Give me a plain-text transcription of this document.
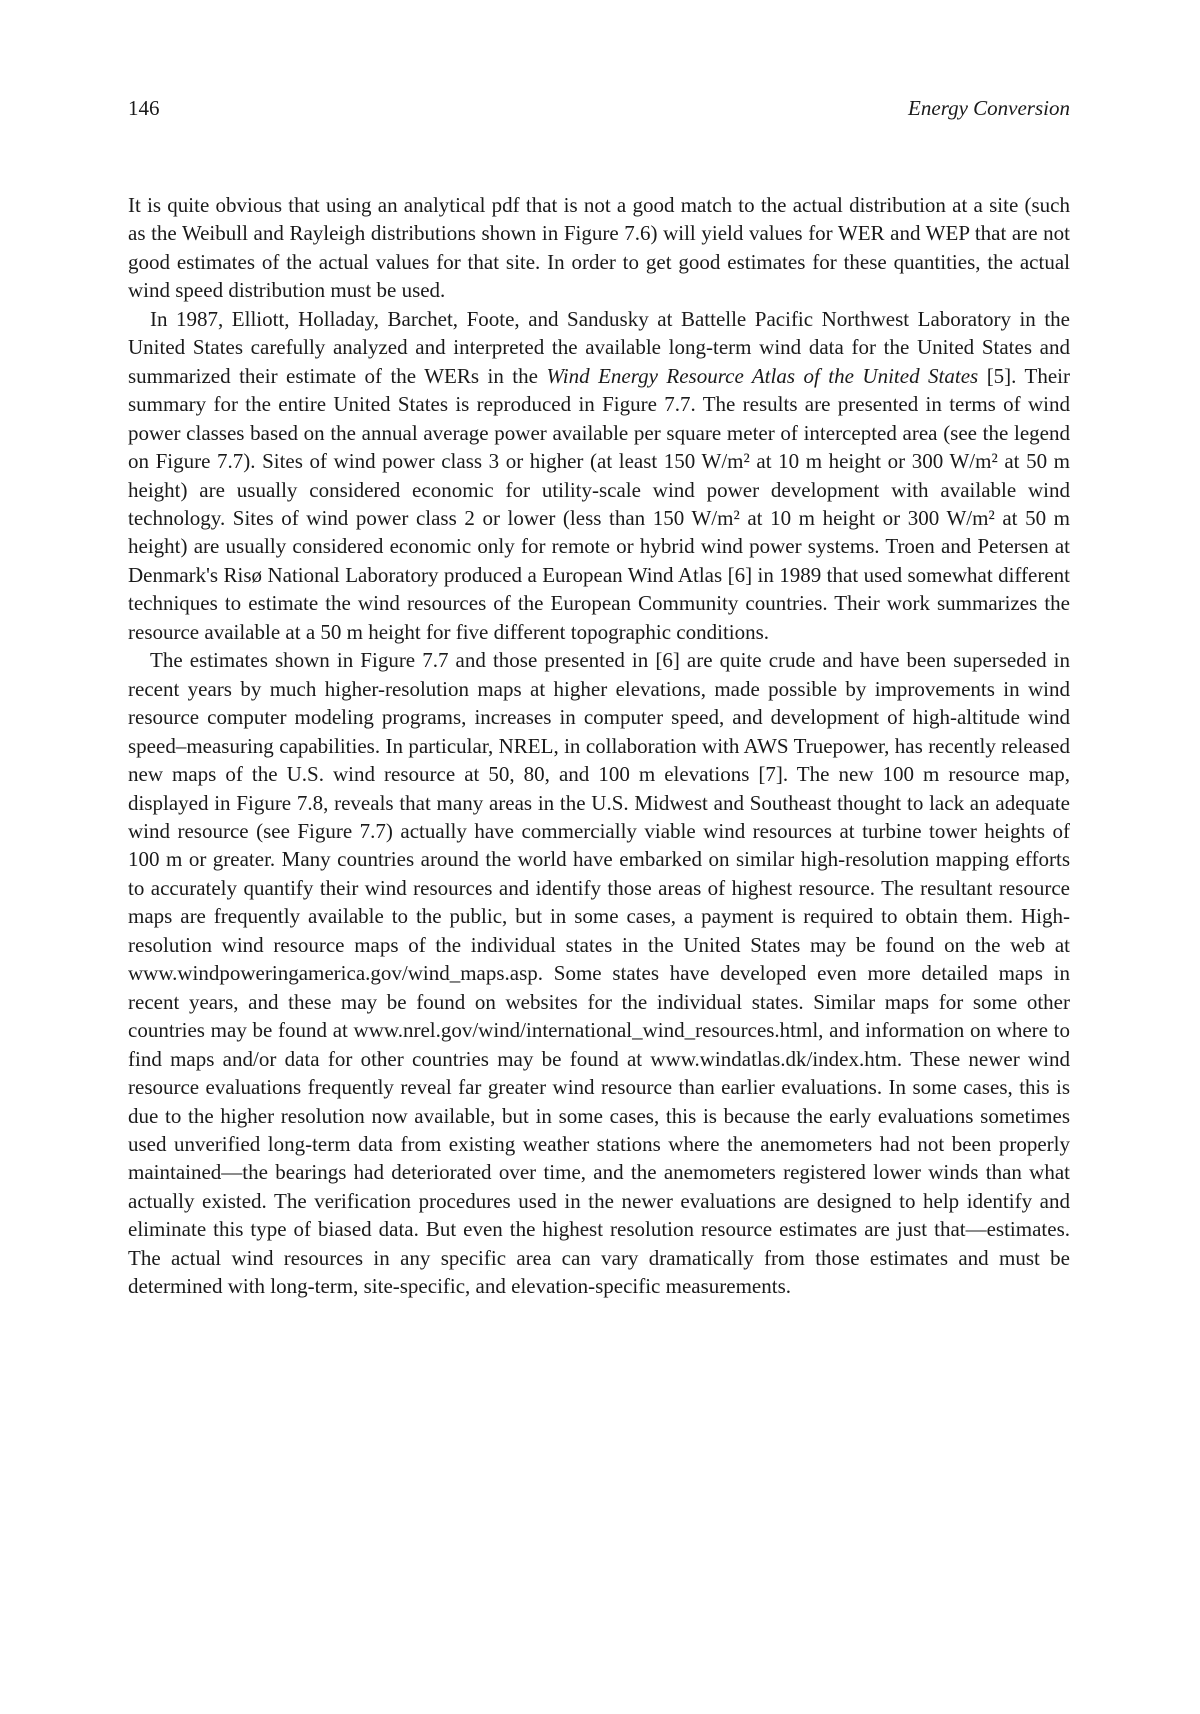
146	Energy Conversion

It is quite obvious that using an analytical pdf that is not a good match to the actual distribution at a site (such as the Weibull and Rayleigh distributions shown in Figure 7.6) will yield values for WER and WEP that are not good estimates of the actual values for that site. In order to get good estimates for these quantities, the actual wind speed distribution must be used.

In 1987, Elliott, Holladay, Barchet, Foote, and Sandusky at Battelle Pacific Northwest Laboratory in the United States carefully analyzed and interpreted the available long-term wind data for the United States and summarized their estimate of the WERs in the Wind Energy Resource Atlas of the United States [5]. Their summary for the entire United States is reproduced in Figure 7.7. The results are presented in terms of wind power classes based on the annual average power available per square meter of intercepted area (see the legend on Figure 7.7). Sites of wind power class 3 or higher (at least 150 W/m² at 10 m height or 300 W/m² at 50 m height) are usually considered economic for utility-scale wind power development with available wind technology. Sites of wind power class 2 or lower (less than 150 W/m² at 10 m height or 300 W/m² at 50 m height) are usually considered economic only for remote or hybrid wind power systems. Troen and Petersen at Denmark's Risø National Laboratory produced a European Wind Atlas [6] in 1989 that used somewhat different techniques to estimate the wind resources of the European Community countries. Their work summarizes the resource available at a 50 m height for five different topographic conditions.

The estimates shown in Figure 7.7 and those presented in [6] are quite crude and have been superseded in recent years by much higher-resolution maps at higher elevations, made possible by improvements in wind resource computer modeling programs, increases in computer speed, and development of high-altitude wind speed–measuring capabilities. In particular, NREL, in collaboration with AWS Truepower, has recently released new maps of the U.S. wind resource at 50, 80, and 100 m elevations [7]. The new 100 m resource map, displayed in Figure 7.8, reveals that many areas in the U.S. Midwest and Southeast thought to lack an adequate wind resource (see Figure 7.7) actually have commercially viable wind resources at turbine tower heights of 100 m or greater. Many countries around the world have embarked on similar high-resolution mapping efforts to accurately quantify their wind resources and identify those areas of highest resource. The resultant resource maps are frequently available to the public, but in some cases, a payment is required to obtain them. High-resolution wind resource maps of the individual states in the United States may be found on the web at www.windpoweringamerica.gov/wind_maps.asp. Some states have developed even more detailed maps in recent years, and these may be found on websites for the individual states. Similar maps for some other countries may be found at www.nrel.gov/wind/international_wind_resources.html, and information on where to find maps and/or data for other countries may be found at www.windatlas.dk/index.htm. These newer wind resource evaluations frequently reveal far greater wind resource than earlier evaluations. In some cases, this is due to the higher resolution now available, but in some cases, this is because the early evaluations sometimes used unverified long-term data from existing weather stations where the anemometers had not been properly maintained—the bearings had deteriorated over time, and the anemometers registered lower winds than what actually existed. The verification procedures used in the newer evaluations are designed to help identify and eliminate this type of biased data. But even the highest resolution resource estimates are just that—estimates. The actual wind resources in any specific area can vary dramatically from those estimates and must be determined with long-term, site-specific, and elevation-specific measurements.
